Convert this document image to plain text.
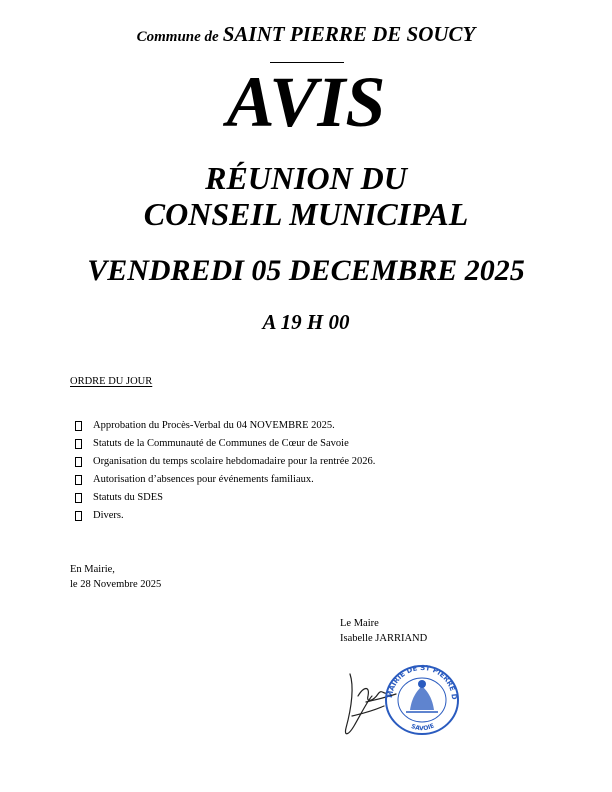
Commune de SAINT PIERRE DE SOUCY
AVIS
RÉUNION DU
CONSEIL MUNICIPAL
VENDREDI 05 DECEMBRE 2025
A 19 H 00
ORDRE DU JOUR
Approbation du Procès-Verbal du 04 NOVEMBRE 2025.
Statuts de la Communauté de Communes de Cœur de Savoie
Organisation du temps scolaire hebdomadaire pour la rentrée 2026.
Autorisation d’absences pour événements familiaux.
Statuts du SDES
Divers.
En Mairie,
le 28 Novembre 2025
Le Maire
Isabelle JARRIAND
MAIRIE DE ST PIERRE D
SAVOIE
